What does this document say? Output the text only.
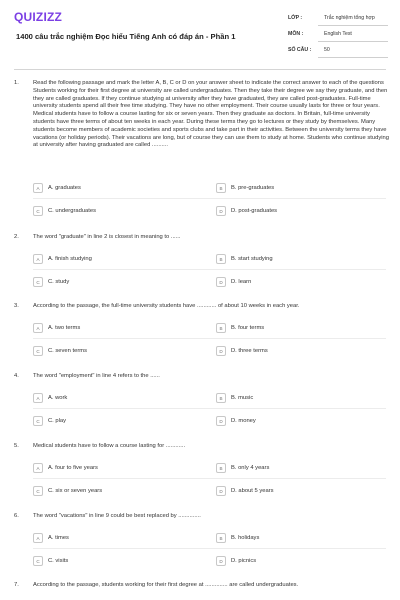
QUIZIZZ
1400 câu trắc nghiệm Đọc hiểu Tiếng Anh có đáp án - Phần 1
LỚP :	Trắc nghiệm tổng hợp
MÔN :	English Test
SỐ CÂU : 50
1. Read the following passage and mark the letter A, B, C or D on your answer sheet to indicate the correct answer to each of the questions Students working for their first degree at university are called undergraduates. Then they take their degree we say they graduate, and then they are called graduates. If they continue studying at university after they have graduated, they are called post-graduates. Full-time university students spend all their free time studying. They have no other employment. Their course usually lasts for three or four years. Medical students have to follow a course lasting for six or seven years. Then they graduate as doctors. In Britain, full-time university students have three terms of about ten weeks in each year. During these terms they go to lectures or they study by themselves. Many students become members of academic societies and sports clubs and take part in their activities. Between the university terms they have vacations (or holiday periods). Their vacations are long, but of course they can use them to study at home. Students who continue studying at university after having graduated are called ..........
A	A. graduates	B	B. pre-graduates
C	C. undergraduates	D	D. post-graduates
2. The word "graduate" in line 2 is closest in meaning to ......
A	A. finish studying	B	B. start studying
C	C. study	D	D. learn
3. According to the passage, the full-time university students have ............ of about 10 weeks in each year.
A	A. two terms	B	B. four terms
C	C. seven terms	D	D. three terms
4. The word "employment" in line 4 refers to the ......
A	A. work	B	B. music
C	C. play	D	D. money
5. Medical students have to follow a course lasting for ............
A	A. four to five years	B	B. only 4 years
C	C. six or seven years	D	D. about 5 years
6. The word "vacations" in line 9 could be best replaced by ..............
A	A. times	B	B. holidays
C	C. visits	D	D. picnics
7. According to the passage, students working for their first degree at .............. are called undergraduates.
